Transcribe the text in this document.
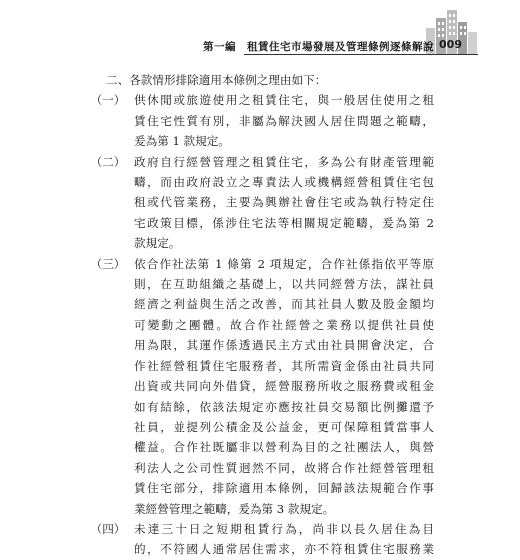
第一編　租賃住宅市場發展及管理條例逐條解說 009
二、各款情形排除適用本條例之理由如下：
（一） 供休閒或旅遊使用之租賃住宅，與一般居住使用之租
賃住宅性質有別，非屬為解決國人居住問題之範疇，
爰為第 1 款規定。
（二） 政府自行經營管理之租賃住宅，多為公有財產管理範
疇，而由政府設立之專責法人或機構經營租賃住宅包
租或代管業務，主要為興辦社會住宅或為執行特定住
宅政策目標，係涉住宅法等相關規定範疇，爰為第 2
款規定。
（三） 依合作社法第 1 條第 2 項規定，合作社係指依平等原
則，在互助組織之基礎上，以共同經營方法，謀社員
經濟之利益與生活之改善，而其社員人數及股金額均
可變動之團體。故合作社經營之業務以提供社員使
用為限，其運作係透過民主方式由社員開會決定，合
作社經營租賃住宅服務者，其所需資金係由社員共同
出資或共同向外借貸，經營服務所收之服務費或租金
如有結餘，依該法規定亦應按社員交易額比例攤還予
社員，並提列公積金及公益金，更可保障租賃當事人
權益。合作社既屬非以營利為目的之社團法人，與營
利法人之公司性質迥然不同，故將合作社經營管理租
賃住宅部分，排除適用本條例，回歸該法規範合作事
業經營管理之範疇，爰為第 3 款規定。
（四） 未達三十日之短期租賃行為，尚非以長久居住為目
的，不符國人通常居住需求，亦不符租賃住宅服務業
